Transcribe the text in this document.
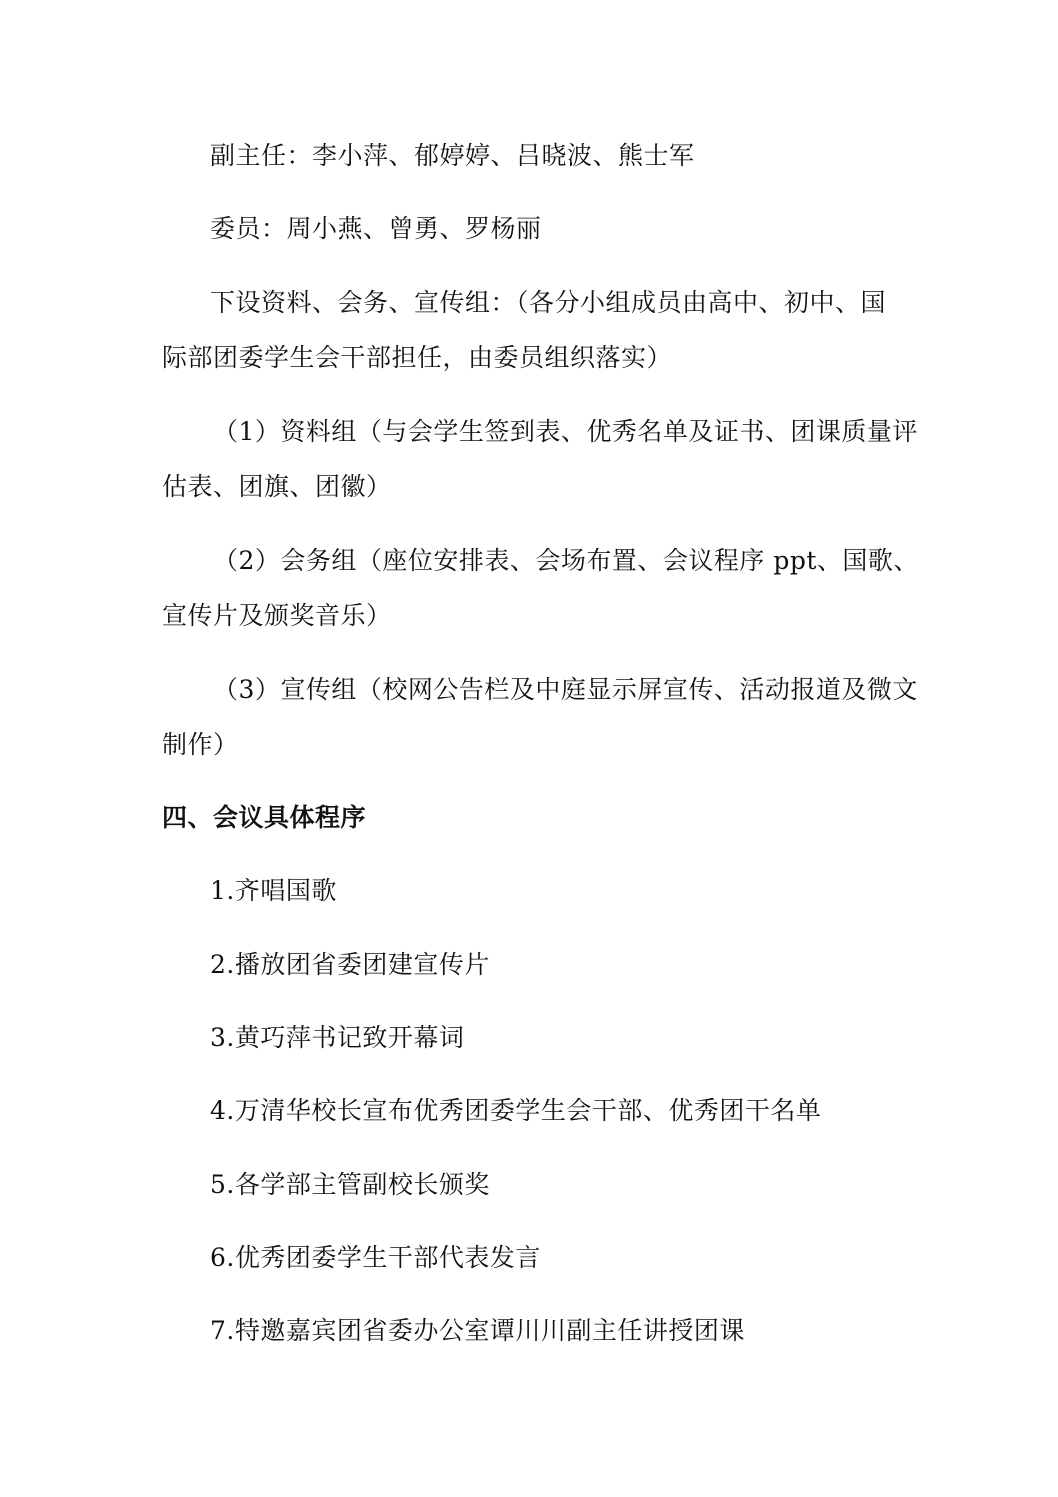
副主任：李小萍、郁婷婷、吕晓波、熊士军
委员：周小燕、曾勇、罗杨丽
下设资料、会务、宣传组：（各分小组成员由高中、初中、国
际部团委学生会干部担任，由委员组织落实）
（1）资料组（与会学生签到表、优秀名单及证书、团课质量评
估表、团旗、团徽）
（2）会务组（座位安排表、会场布置、会议程序 ppt、国歌、
宣传片及颁奖音乐）
（3）宣传组（校网公告栏及中庭显示屏宣传、活动报道及微文
制作）
四、会议具体程序
1.齐唱国歌
2.播放团省委团建宣传片
3.黄巧萍书记致开幕词
4.万清华校长宣布优秀团委学生会干部、优秀团干名单
5.各学部主管副校长颁奖
6.优秀团委学生干部代表发言
7.特邀嘉宾团省委办公室谭川川副主任讲授团课
